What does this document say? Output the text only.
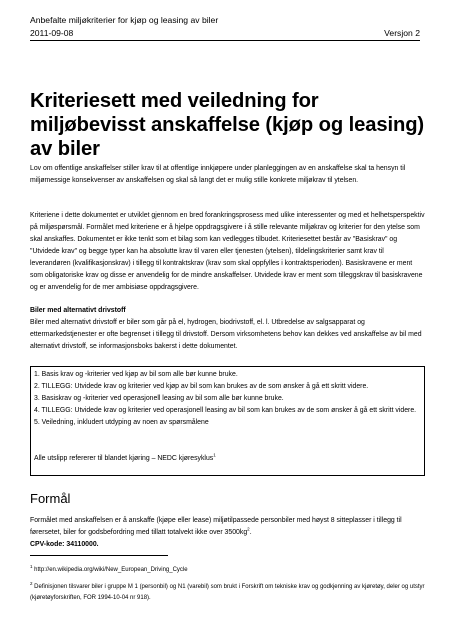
Anbefalte miljøkriterier for kjøp og leasing av biler
2011-09-08	Versjon 2
Kriteriesett med veiledning for miljøbevisst anskaffelse (kjøp og leasing) av biler

Lov om offentlige anskaffelser stiller krav til at offentlige innkjøpere under planleggingen av en anskaffelse skal ta hensyn til miljømessige konsekvenser av anskaffelsen og skal så langt det er mulig stille konkrete miljøkrav til ytelsen.

Kriteriene i dette dokumentet er utviklet gjennom en bred forankringsprosess med ulike interessenter og med et helhetsperspektiv på miljøspørsmål. Formålet med kriteriene er å hjelpe oppdragsgivere i å stille relevante miljøkrav og kriterier for den ytelse som skal anskaffes. Dokumentet er ikke tenkt som et bilag som kan vedlegges tilbudet. Kriteriesettet består av "Basiskrav" og "Utvidede krav" og begge typer kan ha absolutte krav til varen eller tjenesten (ytelsen), tildelingskriterier samt krav til leverandøren (kvalifikasjonskrav) i tillegg til kontraktskrav (krav som skal oppfylles i kontraktsperioden). Basiskravene er ment som obligatoriske krav og disse er anvendelig for de mindre anskaffelser. Utvidede krav er ment som tilleggskrav til basiskravene og er anvendelig for de mer ambisiøse oppdragsgivere.

Biler med alternativt drivstoff
Biler med alternativt drivstoff er biler som går på el, hydrogen, biodrivstoff, el. l. Utbredelse av salgsapparat og ettermarkedstjenester er ofte begrenset i tillegg til drivstoff. Dersom virksomhetens behov kan dekkes ved anskaffelse av bil med alternativt drivstoff, se informasjonsboks bakerst i dette dokumentet.

1. Basis krav og -kriterier ved kjøp av bil som alle bør kunne bruke.

2. TILLEGG: Utvidede krav og kriterier ved kjøp av bil som kan brukes av de som ønsker å gå ett skritt videre.

3. Basiskrav og -kriterier ved operasjonell leasing av bil som alle bør kunne bruke.

4. TILLEGG: Utvidede krav og kriterier ved operasjonell leasing av bil som kan brukes av de som ønsker å gå ett skritt videre.

5. Veiledning, inkludert utdyping av noen av spørsmålene

Alle utslipp refererer til blandet kjøring – NEDC kjøresyklus$^1$

Formål
Formålet med anskaffelsen er å anskaffe (kjøpe eller lease) miljøtilpassede personbiler med høyst 8 sitteplasser i tillegg til førersetet, biler for godsbefordring med tillatt totalvekt ikke over $3500kg^2$.
CPV-kode: 34110000.

$^1$ http://en.wikipedia.org/wiki/New_European_Driving_Cycle

$^2$ Definisjonen tilsvarer biler i gruppe M 1 (personbil) og N1 (varebil) som brukt i Forskrift om tekniske krav og godkjenning av kjøretøy, deler og utstyr (kjøretøyforskriften, FOR 1994-10-04 nr 918).
